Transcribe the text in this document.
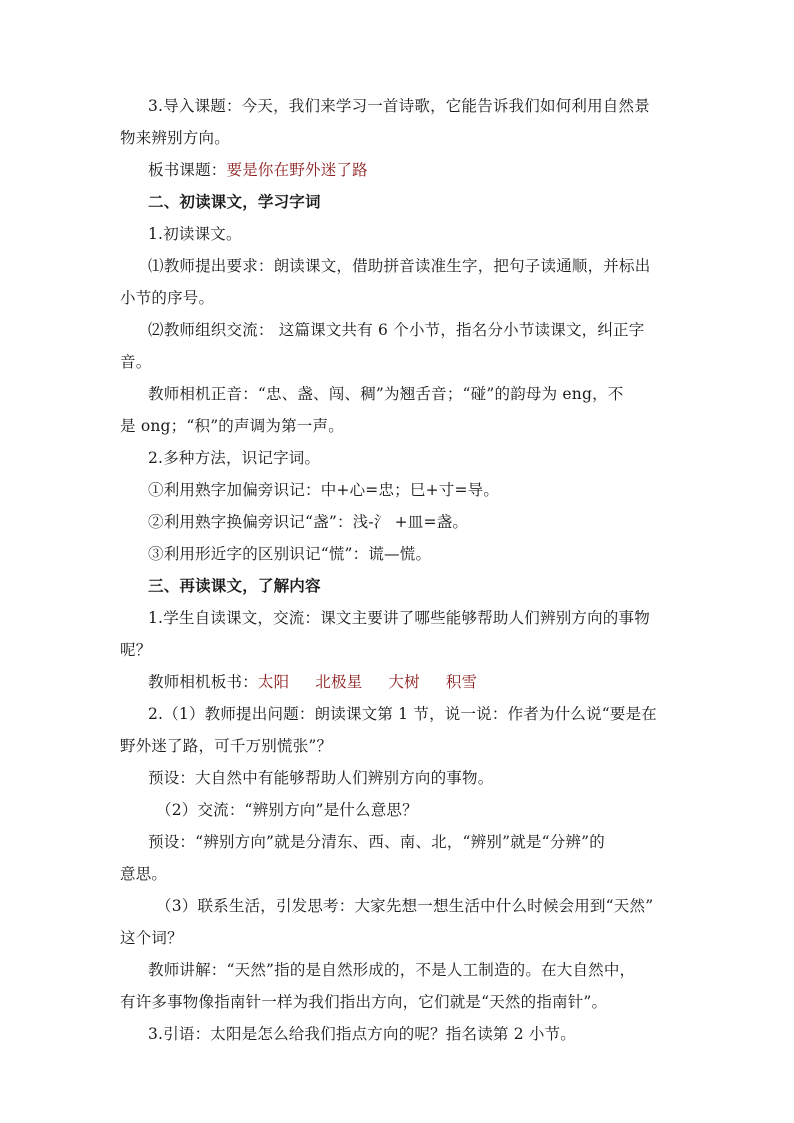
3.导入课题：今天，我们来学习一首诗歌，它能告诉我们如何利用自然景
物来辨别方向。
板书课题：要是你在野外迷了路
二、初读课文，学习字词
1.初读课文。
⑴教师提出要求：朗读课文，借助拼音读准生字，把句子读通顺，并标出
小节的序号。
⑵教师组织交流： 这篇课文共有 6 个小节，指名分小节读课文，纠正字
音。
教师相机正音：“忠、盏、闯、稠”为翘舌音；“碰”的韵母为 eng，不
是 ong；“积”的声调为第一声。
2.多种方法，识记字词。
①利用熟字加偏旁识记：中+心=忠；巳+寸=导。
②利用熟字换偏旁识记“盏”：浅-氵 +皿=盏。
③利用形近字的区别识记“慌”：谎—慌。
三、再读课文，了解内容
1.学生自读课文，交流：课文主要讲了哪些能够帮助人们辨别方向的事物
呢？
教师相机板书：太阳 北极星 大树 积雪
2.（1）教师提出问题：朗读课文第 1 节，说一说：作者为什么说“要是在
野外迷了路，可千万别慌张”？
预设：大自然中有能够帮助人们辨别方向的事物。
（2）交流：“辨别方向”是什么意思？
预设：“辨别方向”就是分清东、西、南、北，“辨别”就是“分辨”的
意思。
（3）联系生活，引发思考：大家先想一想生活中什么时候会用到“天然”
这个词？
教师讲解：“天然”指的是自然形成的，不是人工制造的。在大自然中，
有许多事物像指南针一样为我们指出方向，它们就是“天然的指南针”。
3.引语：太阳是怎么给我们指点方向的呢？指名读第 2 小节。
